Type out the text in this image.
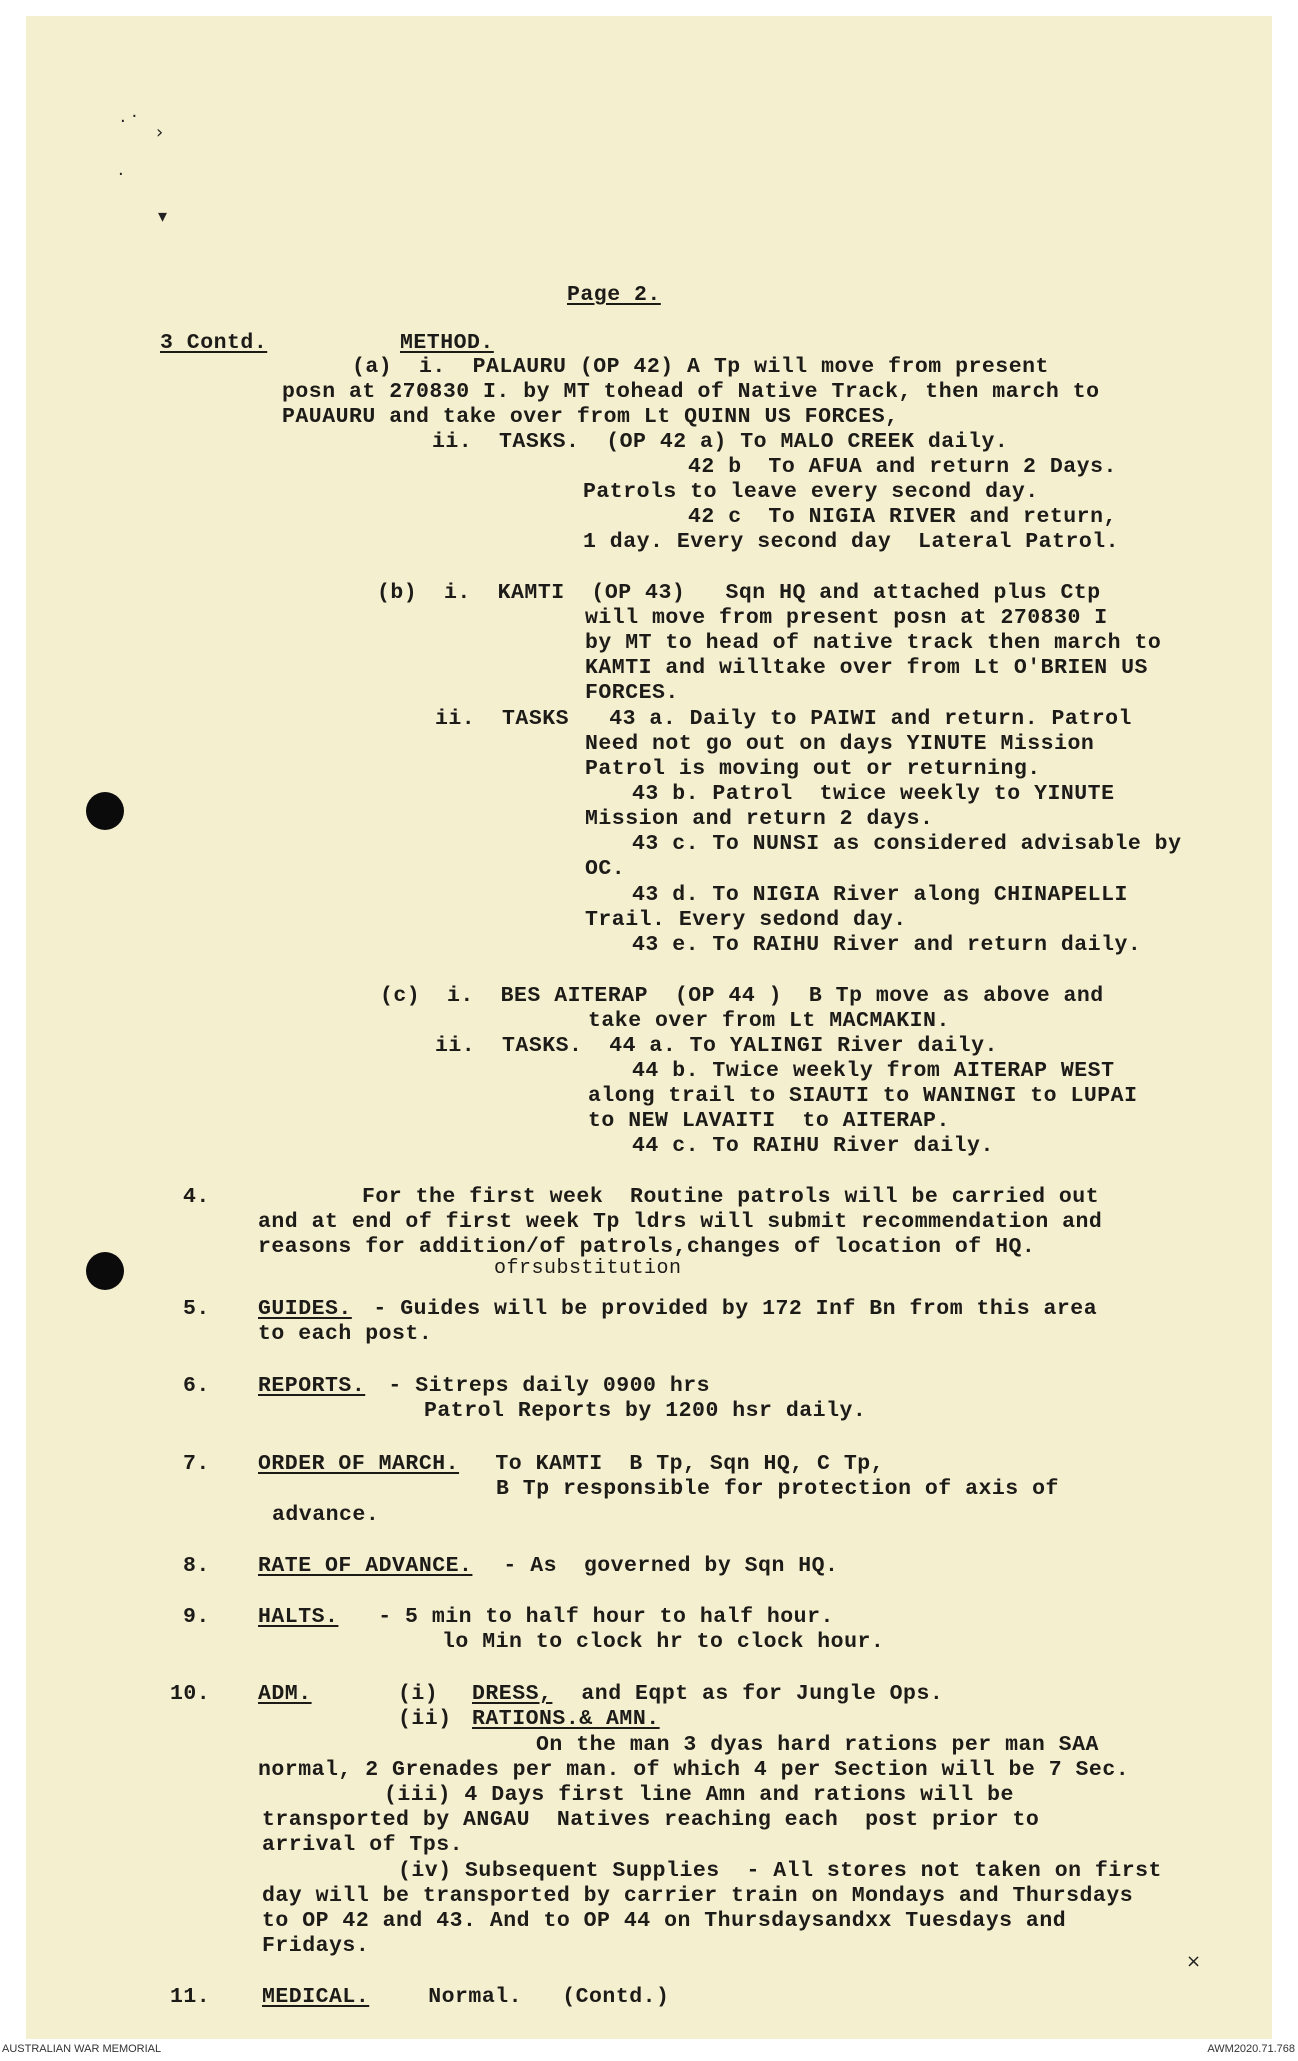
. ·
›
·
▾
×
Page 2.
3 Contd.	METHOD.
(a)  i.  PALAURU (OP 42) A Tp will move from present
posn at 270830 I. by MT tohead of Native Track, then march to
PAUAURU and take over from Lt QUINN US FORCES,
ii.  TASKS.  (OP 42 a) To MALO CREEK daily.
42 b  To AFUA and return 2 Days.
Patrols to leave every second day.
42 c  To NIGIA RIVER and return,
1 day. Every second day  Lateral Patrol.
(b)  i.  KAMTI  (OP 43)   Sqn HQ and attached plus Ctp
will move from present posn at 270830 I
by MT to head of native track then march to
KAMTI and willtake over from Lt O'BRIEN US
FORCES.
ii.  TASKS   43 a. Daily to PAIWI and return. Patrol
Need not go out on days YINUTE Mission
Patrol is moving out or returning.
43 b. Patrol  twice weekly to YINUTE
Mission and return 2 days.
43 c. To NUNSI as considered advisable by
OC.
43 d. To NIGIA River along CHINAPELLI
Trail. Every sedond day.
43 e. To RAIHU River and return daily.
(c)  i.  BES AITERAP  (OP 44 )  B Tp move as above and
take over from Lt MACMAKIN.
ii.  TASKS.  44 a. To YALINGI River daily.
44 b. Twice weekly from AITERAP WEST
along trail to SIAUTI to WANINGI to LUPAI
to NEW LAVAITI  to AITERAP.
44 c. To RAIHU River daily.
4.	For the first week  Routine patrols will be carried out
and at end of first week Tp ldrs will submit recommendation and
reasons for addition/of patrols,changes of location of HQ.
ofrsubstitution
5. GUIDES. - Guides will be provided by 172 Inf Bn from this area
to each post.
6. REPORTS. - Sitreps daily 0900 hrs
Patrol Reports by 1200 hsr daily.
7. ORDER OF MARCH. To KAMTI  B Tp, Sqn HQ, C Tp,
B Tp responsible for protection of axis of
advance.
8. RATE OF ADVANCE. - As  governed by Sqn HQ.
9. HALTS. - 5 min to half hour to half hour.
lo Min to clock hr to clock hour.
10. ADM.	(i) DRESS, and Eqpt as for Jungle Ops.
(ii) RATIONS.& AMN.
On the man 3 dyas hard rations per man SAA
normal, 2 Grenades per man. of which 4 per Section will be 7 Sec.
(iii) 4 Days first line Amn and rations will be
transported by ANGAU  Natives reaching each  post prior to
arrival of Tps.
(iv) Subsequent Supplies  - All stores not taken on first
day will be transported by carrier train on Mondays and Thursdays
to OP 42 and 43. And to OP 44 on Thursdaysandxx Tuesdays and
Fridays.
11. MEDICAL. Normal.   (Contd.)
AUSTRALIAN WAR MEMORIAL	AWM2020.71.768
